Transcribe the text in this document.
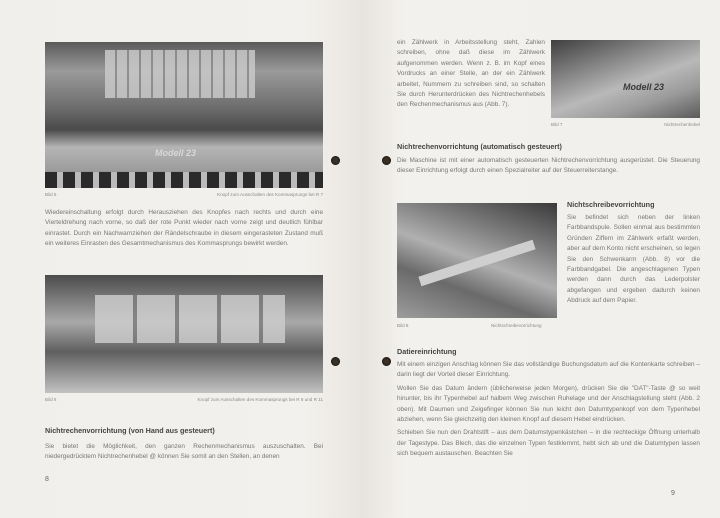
Modell 23
Bild 5	Knopf zum Ausschalten des Kommasprungs bei R 7
Wiedereinschaltung erfolgt durch Herausziehen des Knopfes nach rechts und durch eine Vierteldrehung nach vorne, so daß der rote Punkt wieder nach vorne zeigt und deutlich fühlbar einrastet. Durch ein Nachwarnziehen der Rändelschraube in diesem eingerasteten Zustand muß ein weiteres Einrasten des Gesamtmechanismus des Kommasprungs bewirkt werden.
Bild 6	Knopf zum Ausschalten des Kommasprungs bei R 8 und R 11
Nichtrechenvorrichtung (von Hand aus gesteuert)
Sie bietet die Möglichkeit, den ganzen Rechenmechanismus auszuschalten. Bei niedergedrücktem Nichtrechenhebel @ können Sie somit an den Stellen, an denen
8
ein Zählwerk in Arbeitsstellung steht, Zahlen schreiben, ohne daß diese im Zählwerk aufgenommen werden. Wenn z. B. im Kopf eines Vordrucks an einer Stelle, an der ein Zählwerk arbeitet, Nummern zu schreiben sind, so schalten Sie durch Herunterdrücken des Nichtrechenhebels den Rechenmechanismus aus (Abb. 7).
Modell 23
Bild 7	Nichtrechenhebel
Nichtrechenvorrichtung (automatisch gesteuert)
Die Maschine ist mit einer automatisch gesteuerten Nichtrechenvorrichtung ausgerüstet. Die Steuerung dieser Einrichtung erfolgt durch einen Spezialreiter auf der Steuerreiterstange.
Bild 8	Nichtschreibevorrichtung
Nichtschreibevorrichtung
Sie befindet sich neben der linken Farbbandspule. Sollen einmal aus bestimmten Gründen Ziffern im Zählwerk erfaßt werden, aber auf dem Konto nicht erscheinen, so legen Sie den Schwenkarm (Abb. 8) vor die Farbbandgabel. Die angeschlagenen Typen werden dann durch das Lederpolster abgefangen und ergeben dadurch keinen Abdruck auf dem Papier.
Datiereinrichtung
Mit einem einzigen Anschlag können Sie das vollständige Buchungsdatum auf die Kontenkarte schreiben – darin liegt der Vorteil dieser Einrichtung.
Wollen Sie das Datum ändern (üblicherweise jeden Morgen), drücken Sie die "DAT"-Taste @ so weit hinunter, bis ihr Typenhebel auf halbem Weg zwischen Ruhelage und der Anschlagstellung steht (Abb. 2 oben). Mit Daumen und Zeigefinger können Sie nun leicht den Datumtypenkopf von dem Typenhebel abziehen, wenn Sie gleichzeitig den kleinen Knopf auf diesem Hebel eindrücken.
Schieben Sie nun den Drahtstift – aus dem Datumstypenkästchen – in die rechteckige Öffnung unterhalb der Tagestype. Das Blech, das die einzelnen Typen festklemmt, hebt sich ab und die Datumtypen lassen sich bequem austauschen. Beachten Sie
9
